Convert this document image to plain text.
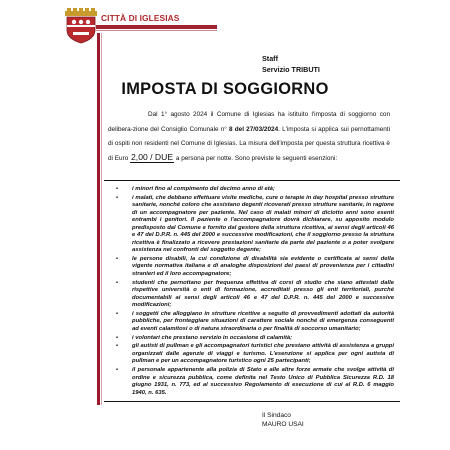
CITTÀ DI IGLESIAS
Staff
Servizio TRIBUTI
IMPOSTA DI SOGGIORNO

Dal 1° agosto 2024 il Comune di Iglesias ha istituito l'imposta di soggiorno con delibera-zione del Consiglio Comunale n° 8 del 27/03/2024. L'imposta si applica sui pernottamenti di ospiti non residenti nel Comune di Iglesias. La misura dell'imposta per questa struttura ricettiva è di Euro 2,00 / DUE a persona per notte. Sono previste le seguenti esenzioni:

• i minori fino al compimento del decimo anno di età;
• i malati, che debbano effettuare visite mediche, cure o terapie in day hospital presso strutture sanitarie, nonché coloro che assistano degenti ricoverati presso strutture sanitarie, in ragione di un accompagnatore per paziente. Nel caso di malati minori di diciotto anni sono esenti entrambi i genitori. Il paziente o l'accompagnatore dovrà dichiarare, su apposito modulo predisposto dal Comune e fornito dal gestore della struttura ricettiva, ai sensi degli articoli 46 e 47 del D.P.R. n. 445 del 2000 e successive modificazioni, che il soggiorno presso la struttura ricettiva è finalizzato a ricevere prestazioni sanitarie da parte del paziente o a poter svolgere assistenza nei confronti del soggetto degente;
• le persone disabili, la cui condizione di disabilità sia evidente o certificata ai sensi della vigente normativa italiana e di analoghe disposizioni dei paesi di provenienza per i cittadini stranieri ed il loro accompagnatore;
• studenti che pernottano per frequenza effettiva di corsi di studio che siano attestati dalle rispettive università o enti di formazione, accreditati presso gli enti territoriali, purché documentabili ai sensi degli articoli 46 e 47 del D.P.R. n. 445 del 2000 e successive modificazioni;
• i soggetti che alloggiano in strutture ricettive a seguito di provvedimenti adottati da autorità pubbliche, per fronteggiare situazioni di carattere sociale nonché di emergenza conseguenti ad eventi calamitosi o di natura straordinaria o per finalità di soccorso umanitario;
• i volontari che prestano servizio in occasione di calamità;
• gli autisti di pullman e gli accompagnatori turistici che prestano attività di assistenza a gruppi organizzati dalle agenzie di viaggi e turismo. L'esenzione si applica per ogni autista di pullman e per un accompagnatore turistico ogni 25 partecipanti;
• il personale appartenente alla polizia di Stato e alle altre forze armate che svolge attività di ordine e sicurezza pubblica, come definita nel Testo Unico di Pubblica Sicurezza R.D. 18 giugno 1931, n. 773, ed al successivo Regolamento di esecuzione di cui al R.D. 6 maggio 1940, n. 635.
Il Sindaco
MAURO USAI
